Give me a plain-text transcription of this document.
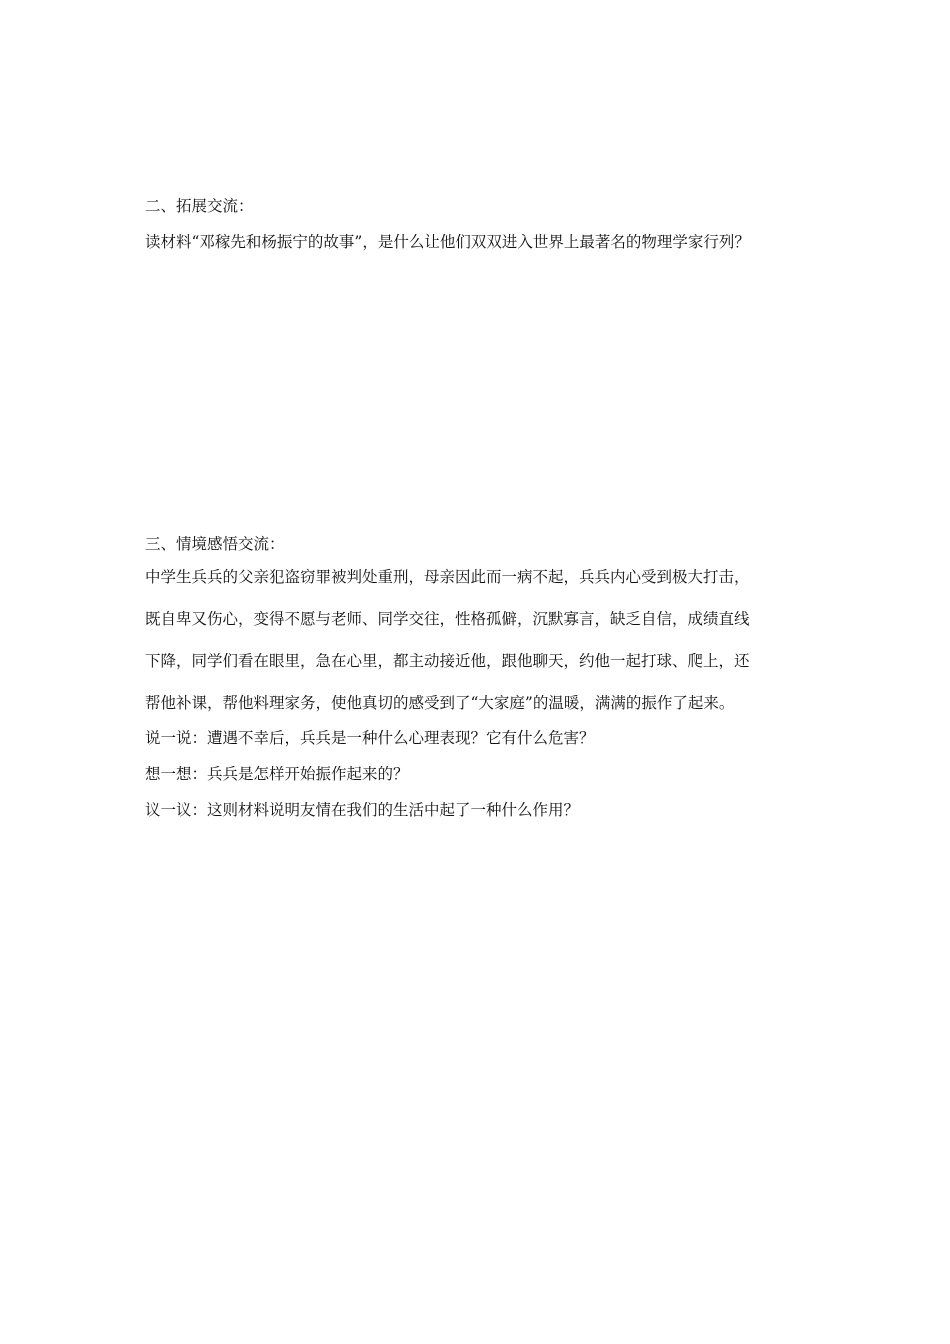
二、拓展交流：
读材料“邓稼先和杨振宁的故事”，是什么让他们双双进入世界上最著名的物理学家行列？
三、情境感悟交流：
中学生兵兵的父亲犯盗窃罪被判处重刑，母亲因此而一病不起，兵兵内心受到极大打击，
既自卑又伤心，变得不愿与老师、同学交往，性格孤僻，沉默寡言，缺乏自信，成绩直线
下降，同学们看在眼里，急在心里，都主动接近他，跟他聊天，约他一起打球、爬上，还
帮他补课，帮他料理家务，使他真切的感受到了“大家庭”的温暖，满满的振作了起来。
说一说：遭遇不幸后，兵兵是一种什么心理表现？它有什么危害？
想一想：兵兵是怎样开始振作起来的？
议一议：这则材料说明友情在我们的生活中起了一种什么作用？
